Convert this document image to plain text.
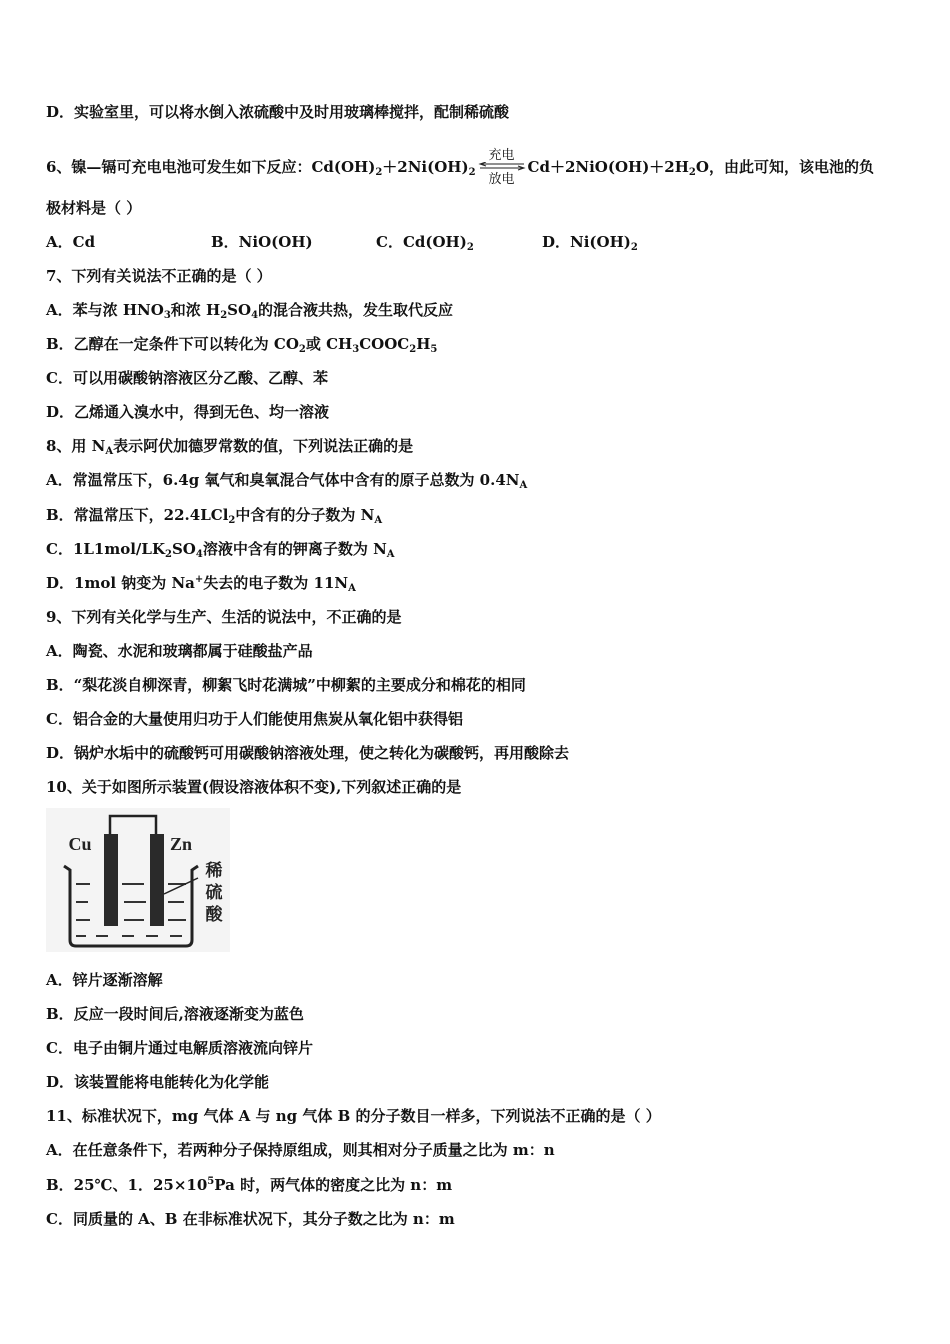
D．实验室里，可以将水倒入浓硫酸中及时用玻璃棒搅拌，配制稀硫酸
6、镍—镉可充电电池可发生如下反应：$Cd(OH)_2+2Ni(OH)_2$
充电
放电
$Cd+2NiO(OH)+2H_2O$，由此可知，该电池的负
极材料是（ ）
A．Cd	B．NiO(OH)	C．$Cd(OH)_2$	D．$Ni(OH)_2$
7、下列有关说法不正确的是（ ）
A．苯与浓 $HNO_3$和浓 $H_2SO_4$的混合液共热，发生取代反应
B．乙醇在一定条件下可以转化为 $CO_2$或 $CH_3COOC_2H_5$
C．可以用碳酸钠溶液区分乙酸、乙醇、苯
D．乙烯通入溴水中，得到无色、均一溶液
8、用 $N_A$表示阿伏加德罗常数的值，下列说法正确的是
A．常温常压下，6.4g 氧气和臭氧混合气体中含有的原子总数为 $0.4N_A$
B．常温常压下，22.4LCl$_2$中含有的分子数为 $N_A$
C．$1L1mol/LK_2SO_4$溶液中含有的钾离子数为 $N_A$
D．1mol 钠变为 Na+失去的电子数为 $11N_A$
9、下列有关化学与生产、生活的说法中，不正确的是
A．陶瓷、水泥和玻璃都属于硅酸盐产品
B．“梨花淡自柳深青，柳絮飞时花满城”中柳絮的主要成分和棉花的相同
C．铝合金的大量使用归功于人们能使用焦炭从氧化铝中获得铝
D．锅炉水垢中的硫酸钙可用碳酸钠溶液处理，使之转化为碳酸钙，再用酸除去
10、关于如图所示装置(假设溶液体积不变),下列叙述正确的是
Cu	Zn
稀
硫
酸
A．锌片逐渐溶解
B．反应一段时间后,溶液逐渐变为蓝色
C．电子由铜片通过电解质溶液流向锌片
D．该装置能将电能转化为化学能
11、标准状况下，mg 气体 A 与 ng 气体 B 的分子数目一样多，下列说法不正确的是（ ）
A．在任意条件下，若两种分子保持原组成，则其相对分子质量之比为 m：n
B．25℃、1．$25\times 10^5Pa$ 时，两气体的密度之比为 n：m
C．同质量的 A、B 在非标准状况下，其分子数之比为 n：m
